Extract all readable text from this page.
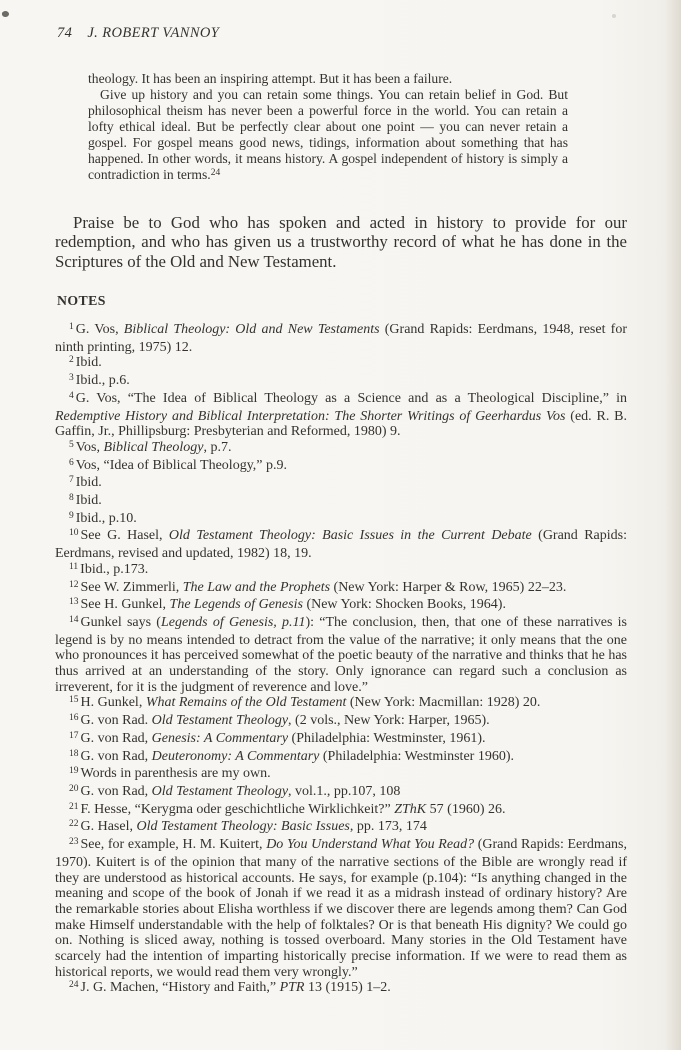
74 J. ROBERT VANNOY

theology. It has been an inspiring attempt. But it has been a failure.

Give up history and you can retain some things. You can retain belief in God. But philosophical theism has never been a powerful force in the world. You can retain a lofty ethical ideal. But be perfectly clear about one point — you can never retain a gospel. For gospel means good news, tidings, information about something that has happened. In other words, it means history. A gospel independent of history is simply a contradiction in terms.$^{24}$

Praise be to God who has spoken and acted in history to provide for our redemption, and who has given us a trustworthy record of what he has done in the Scriptures of the Old and New Testament.

NOTES

$^1$ G. Vos, Biblical Theology: Old and New Testaments (Grand Rapids: Eerdmans, 1948, reset for ninth printing, 1975) 12.

$^2$ Ibid.

$^3$ Ibid., p.6.

$^4$ G. Vos, “The Idea of Biblical Theology as a Science and as a Theological Discipline,” in Redemptive History and Biblical Interpretation: The Shorter Writings of Geerhardus Vos (ed. R. B. Gaffin, Jr., Phillipsburg: Presbyterian and Reformed, 1980) 9.

$^5$ Vos, Biblical Theology, p.7.

$^6$ Vos, “Idea of Biblical Theology,” p.9.

$^7$ Ibid.

$^8$ Ibid.

$^9$ Ibid., p.10.

$^{10}$ See G. Hasel, Old Testament Theology: Basic Issues in the Current Debate (Grand Rapids: Eerdmans, revised and updated, 1982) 18, 19.

$^{11}$ Ibid., p.173.

$^{12}$ See W. Zimmerli, The Law and the Prophets (New York: Harper & Row, 1965) 22–23.

$^{13}$ See H. Gunkel, The Legends of Genesis (New York: Shocken Books, 1964).

$^{14}$ Gunkel says (Legends of Genesis, p.11): “The conclusion, then, that one of these narratives is legend is by no means intended to detract from the value of the narrative; it only means that the one who pronounces it has perceived somewhat of the poetic beauty of the narrative and thinks that he has thus arrived at an understanding of the story. Only ignorance can regard such a conclusion as irreverent, for it is the judgment of reverence and love.”

$^{15}$ H. Gunkel, What Remains of the Old Testament (New York: Macmillan: 1928) 20.

$^{16}$ G. von Rad. Old Testament Theology, (2 vols., New York: Harper, 1965).

$^{17}$ G. von Rad, Genesis: A Commentary (Philadelphia: Westminster, 1961).

$^{18}$ G. von Rad, Deuteronomy: A Commentary (Philadelphia: Westminster 1960).

$^{19}$ Words in parenthesis are my own.

$^{20}$ G. von Rad, Old Testament Theology, vol.1., pp.107, 108

$^{21}$ F. Hesse, “Kerygma oder geschichtliche Wirklichkeit?” ZThK 57 (1960) 26.

$^{22}$ G. Hasel, Old Testament Theology: Basic Issues, pp. 173, 174

$^{23}$ See, for example, H. M. Kuitert, Do You Understand What You Read? (Grand Rapids: Eerdmans, 1970). Kuitert is of the opinion that many of the narrative sections of the Bible are wrongly read if they are understood as historical accounts. He says, for example (p.104): “Is anything changed in the meaning and scope of the book of Jonah if we read it as a midrash instead of ordinary history? Are the remarkable stories about Elisha worthless if we discover there are legends among them? Can God make Himself understandable with the help of folktales? Or is that beneath His dignity? We could go on. Nothing is sliced away, nothing is tossed overboard. Many stories in the Old Testament have scarcely had the intention of imparting historically precise information. If we were to read them as historical reports, we would read them very wrongly.”

$^{24}$ J. G. Machen, “History and Faith,” PTR 13 (1915) 1–2.
